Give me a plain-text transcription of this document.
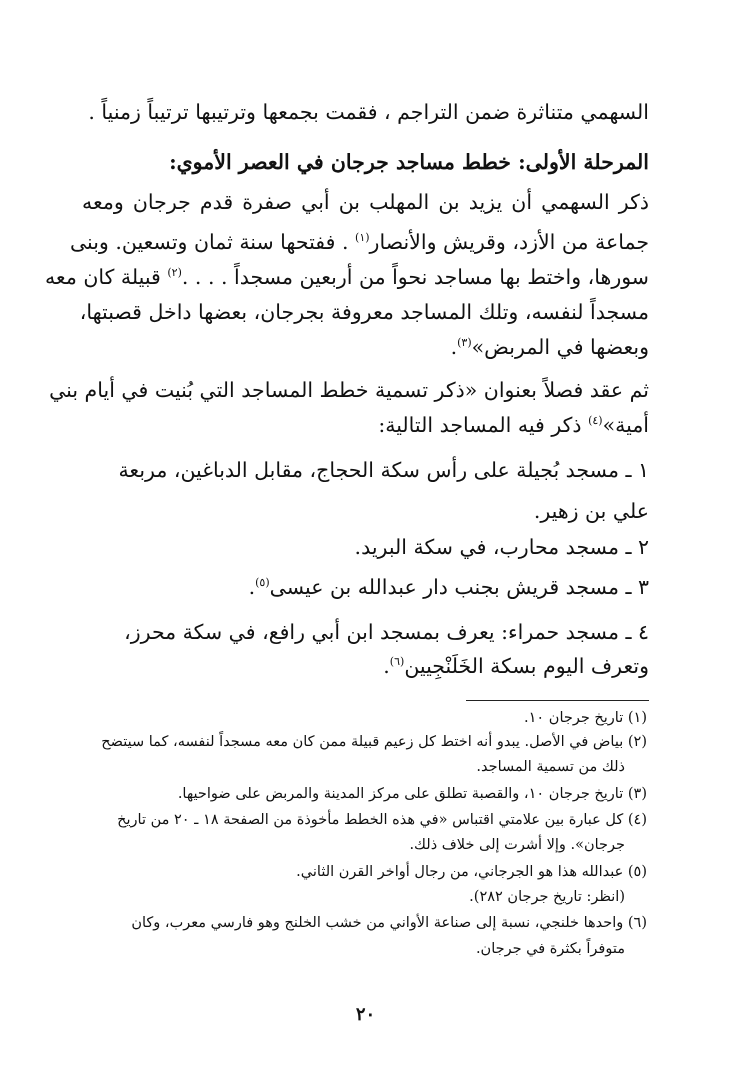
السهمي متناثرة ضمن التراجم ، فقمت بجمعها وترتيبها ترتيباً زمنياً .
المرحلة الأولى: خطط مساجد جرجان في العصر الأموي:
ذكر السهمي أن يزيد بن المهلب بن أبي صفرة قدم جرجان ومعه
جماعة من الأزد، وقريش والأنصار$^{(١)}$ . ففتحها سنة ثمان وتسعين. وبنى
سورها، واختط بها مساجد نحواً من أربعين مسجداً . . . .$^{(٢)}$ قبيلة كان معه
مسجداً لنفسه، وتلك المساجد معروفة بجرجان، بعضها داخل قصبتها،
وبعضها في المربض»$^{(٣)}$.
ثم عقد فصلاً بعنوان «ذكر تسمية خطط المساجد التي بُنيت في أيام بني
أمية»$^{(٤)}$ ذكر فيه المساجد التالية:
١ ـ مسجد بُجيلة على رأس سكة الحجاج، مقابل الدباغين، مربعة
علي بن زهير.
٢ ـ مسجد محارب، في سكة البريد.
٣ ـ مسجد قريش بجنب دار عبدالله بن عيسى$^{(٥)}$.
٤ ـ مسجد حمراء: يعرف بمسجد ابن أبي رافع، في سكة محرز،
وتعرف اليوم بسكة الخَلَنْجِيين$^{(٦)}$.
(١) تاريخ جرجان ١٠.
(٢) بياض في الأصل. يبدو أنه اختط كل زعيم قبيلة ممن كان معه مسجداً لنفسه، كما سيتضح
ذلك من تسمية المساجد.
(٣) تاريخ جرجان ١٠، والقصبة تطلق على مركز المدينة والمربض على ضواحيها.
(٤) كل عبارة بين علامتي اقتباس «في هذه الخطط مأخوذة من الصفحة ١٨ ـ ٢٠ من تاريخ
جرجان». وإلا أشرت إلى خلاف ذلك.
(٥) عبدالله هذا هو الجرجاني، من رجال أواخر القرن الثاني.
(انظر: تاريخ جرجان ٢٨٢).
(٦) واحدها خلنجي، نسبة إلى صناعة الأواني من خشب الخلنج وهو فارسي معرب، وكان
متوفراً بكثرة في جرجان.
٢٠
